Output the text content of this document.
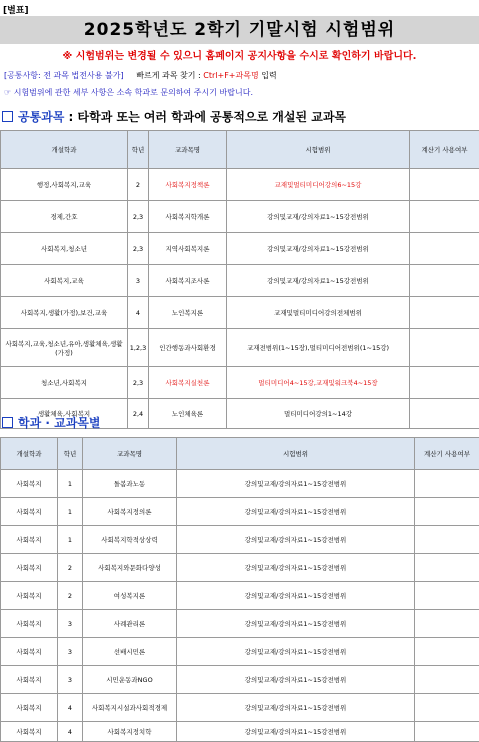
[별표]
2025학년도 2학기 기말시험 시험범위
※ 시험범위는 변경될 수 있으니 홈페이지 공지사항을 수시로 확인하기 바랍니다.
[공통사항: 전 과목 법전사용 불가] 빠르게 과목 찾기 : Ctrl+F+과목명 입력
☞ 시험범위에 관한 세부 사항은 소속 학과로 문의하여 주시기 바랍니다.
공통과목 : 타학과 또는 여러 학과에 공통적으로 개설된 교과목
개설학과	학년	교과목명	시험범위	계산기 사용여부
행정,사회복지,교육	2	사회복지정책론	교재및멀티미디어강의6~15강	
경제,간호	2,3	사회복지학개론	강의및교재/강의자료1~15강전범위	
사회복지,청소년	2,3	지역사회복지론	강의및교재/강의자료1~15강전범위	
사회복지,교육	3	사회복지조사론	강의및교재/강의자료1~15강전범위	
사회복지,생활(가정),보건,교육	4	노인복지론	교재및멀티미디어강의전체범위	
사회복지,교육,청소년,유아,생활체육,생활(가정)	1,2,3	인간행동과사회환경	교재전범위(1~15장),멀티미디어전범위(1~15강)	
청소년,사회복지	2,3	사회복지실천론	멀티미디어4~15강,교재및워크북4~15장	
생활체육,사회복지	2,4	노인체육론	멀티미디어강의1~14강	
학과 · 교과목별
개설학과	학년	교과목명	시험범위	계산기 사용여부
사회복지	1	돌봄과노동	강의및교재/강의자료1~15강전범위	
사회복지	1	사회복지정의론	강의및교재/강의자료1~15강전범위	
사회복지	1	사회복지학적상상력	강의및교재/강의자료1~15강전범위	
사회복지	2	사회복지와문화다양성	강의및교재/강의자료1~15강전범위	
사회복지	2	여성복지론	강의및교재/강의자료1~15강전범위	
사회복지	3	사례관리론	강의및교재/강의자료1~15강전범위	
사회복지	3	선배시민론	강의및교재/강의자료1~15강전범위	
사회복지	3	시민운동과NGO	강의및교재/강의자료1~15강전범위	
사회복지	4	사회복지시설과사회적경제	강의및교재/강의자료1~15강전범위	
사회복지	4	사회복지정치학	강의및교재/강의자료1~15강전범위	
